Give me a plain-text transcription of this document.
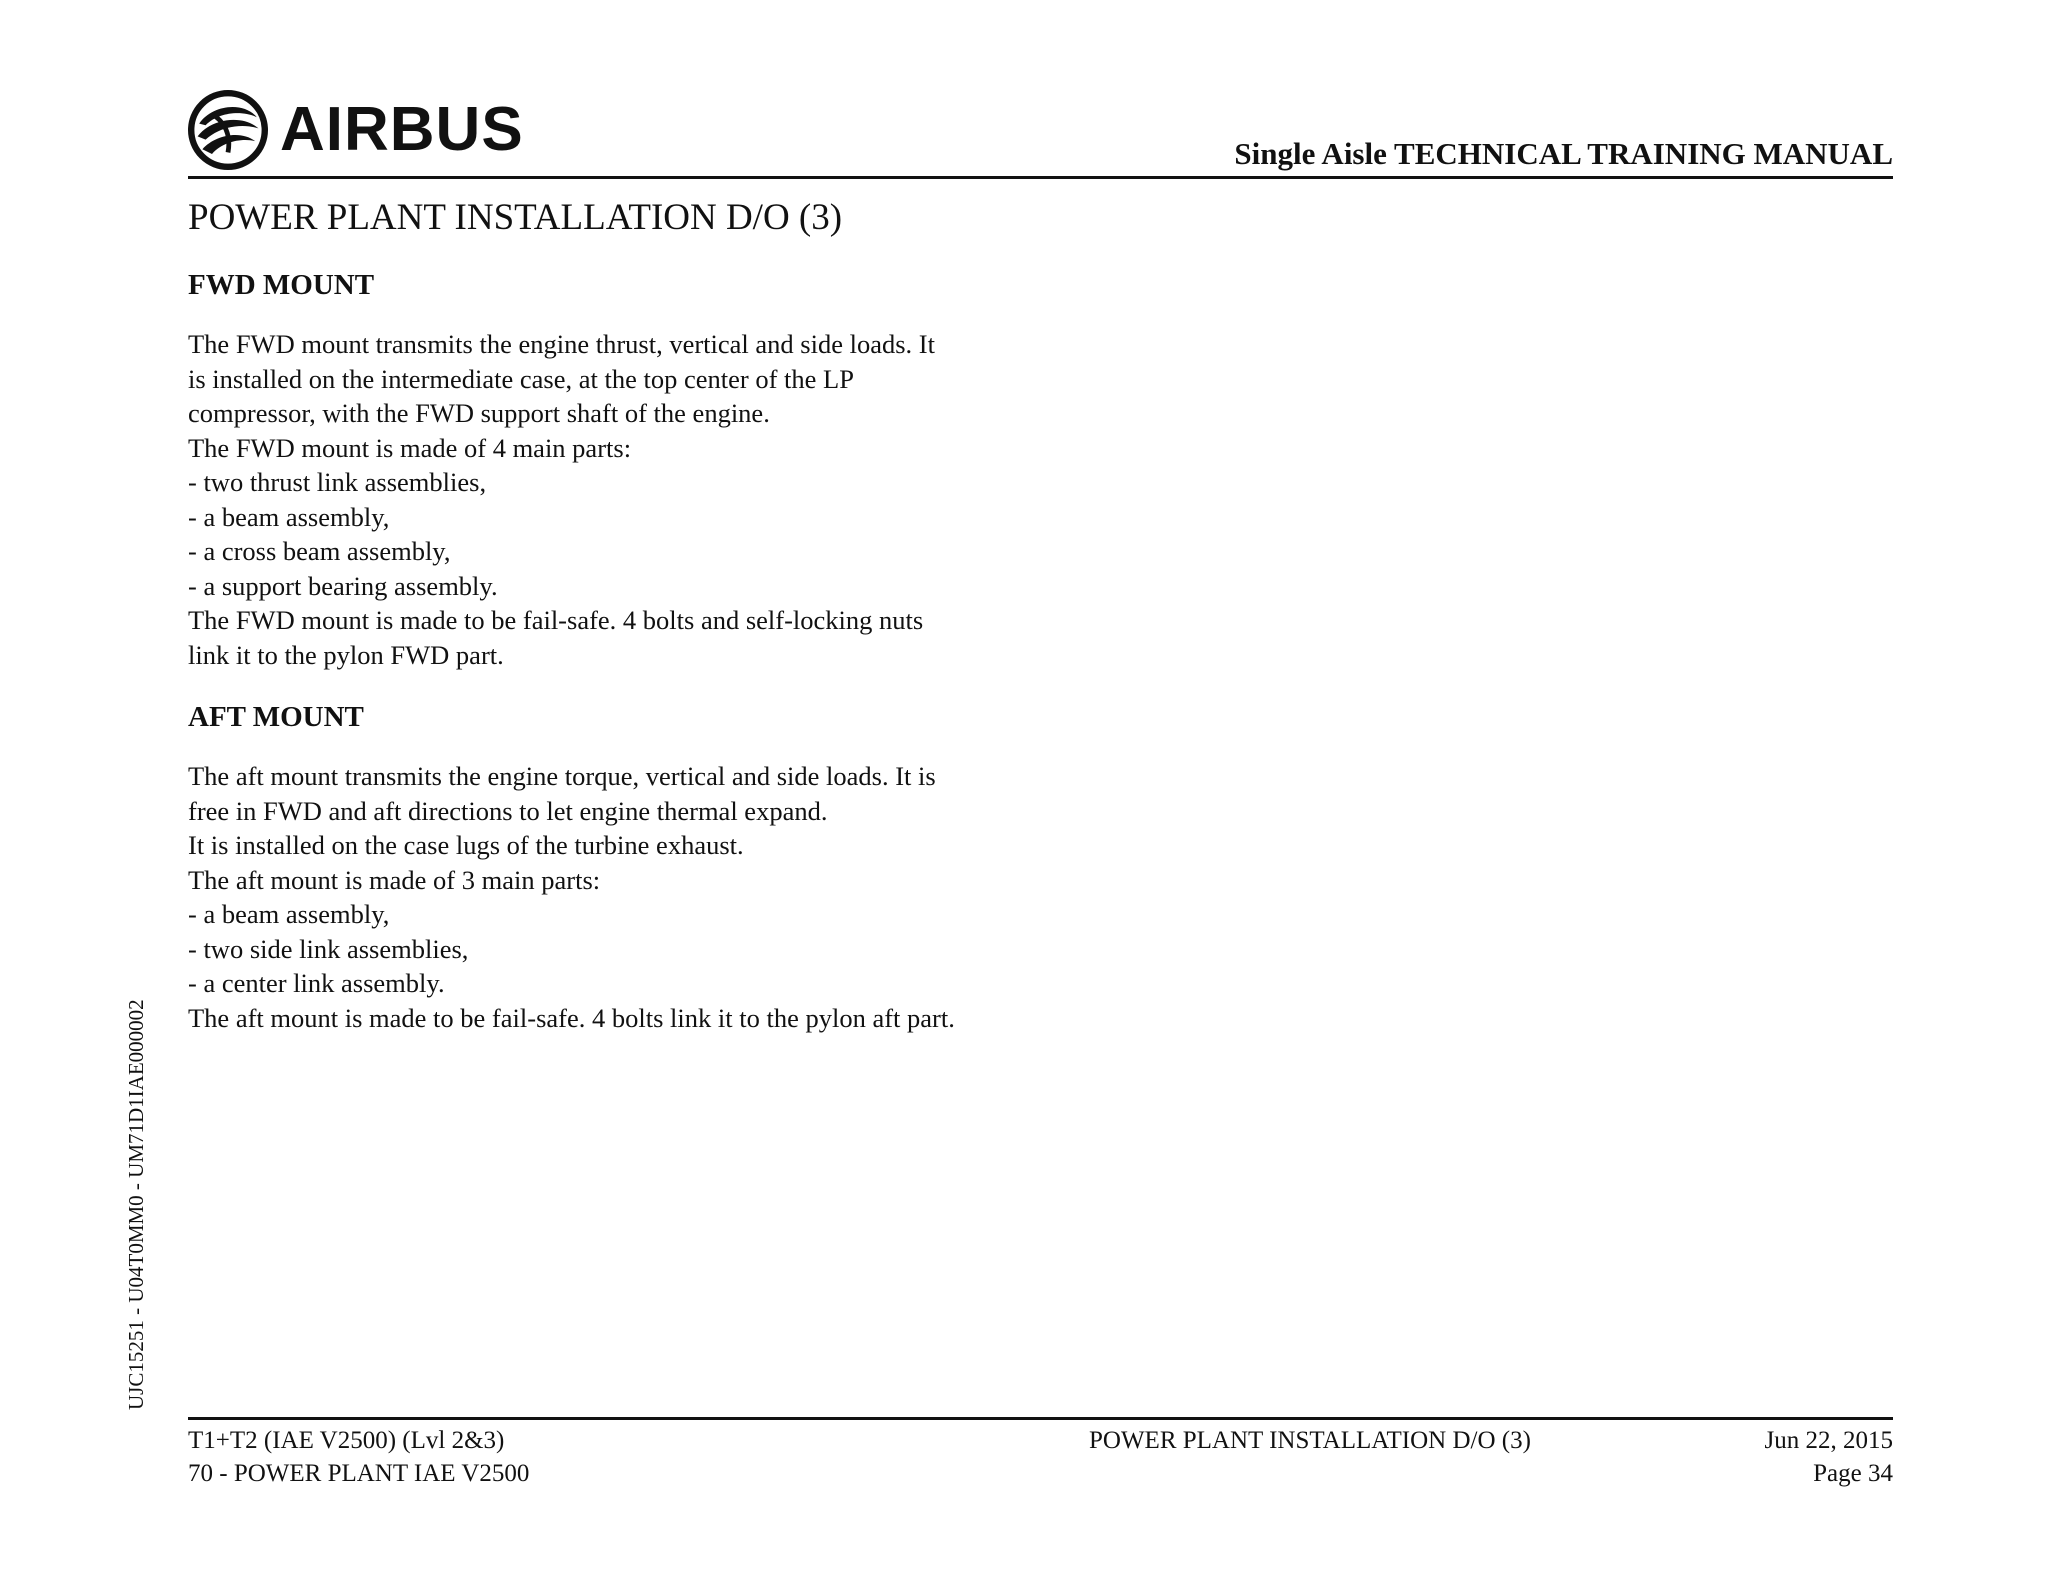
AIRBUS	Single Aisle TECHNICAL TRAINING MANUAL
POWER PLANT INSTALLATION D/O (3)
FWD MOUNT

The FWD mount transmits the engine thrust, vertical and side loads. It

is installed on the intermediate case, at the top center of the LP

compressor, with the FWD support shaft of the engine.

The FWD mount is made of 4 main parts:

- two thrust link assemblies,

- a beam assembly,

- a cross beam assembly,

- a support bearing assembly.

The FWD mount is made to be fail-safe. 4 bolts and self-locking nuts

link it to the pylon FWD part.

AFT MOUNT

The aft mount transmits the engine torque, vertical and side loads. It is

free in FWD and aft directions to let engine thermal expand.

It is installed on the case lugs of the turbine exhaust.

The aft mount is made of 3 main parts:

- a beam assembly,

- two side link assemblies,

- a center link assembly.

The aft mount is made to be fail-safe. 4 bolts link it to the pylon aft part.

UJC15251 - U04T0MM0 - UM71D1IAE000002
T1+T2 (IAE V2500) (Lvl 2&3)
70 - POWER PLANT IAE V2500
POWER PLANT INSTALLATION D/O (3)	Jun 22, 2015
Page 34
